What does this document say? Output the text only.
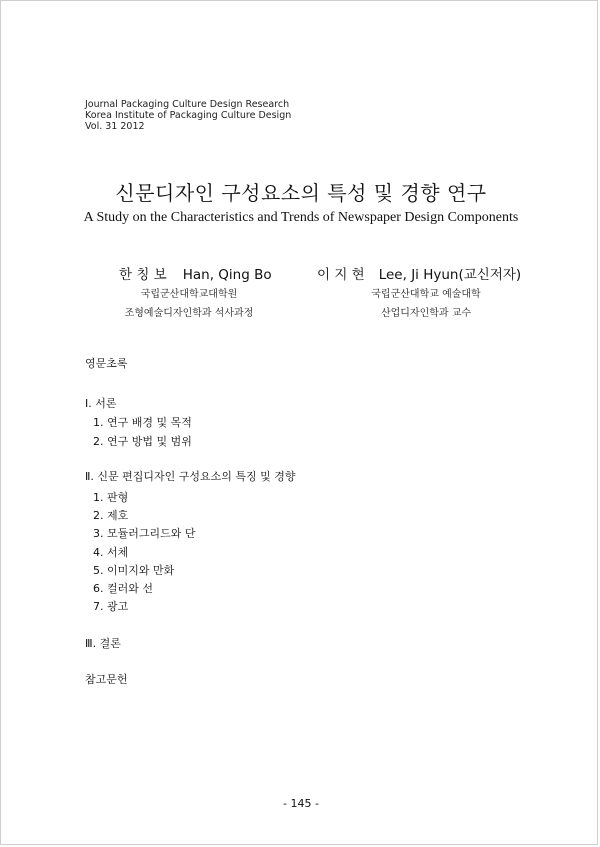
Journal Packaging Culture Design Research
Korea Institute of Packaging Culture Design
Vol. 31 2012
신문디자인 구성요소의 특성 및 경향 연구
A Study on the Characteristics and Trends of Newspaper Design Components
한 칭 보 Han, Qing Bo
국립군산대학교대학원
조형예술디자인학과 석사과정
이 지 현 Lee, Ji Hyun(교신저자)
국립군산대학교 예술대학
산업디자인학과 교수
영문초록
Ⅰ. 서론
1. 연구 배경 및 목적
2. 연구 방법 및 범위
Ⅱ. 신문 편집디자인 구성요소의 특징 및 경향
1. 판형
2. 제호
3. 모듈러그리드와 단
4. 서체
5. 이미지와 만화
6. 컬러와 선
7. 광고
Ⅲ. 결론
참고문헌
- 145 -
